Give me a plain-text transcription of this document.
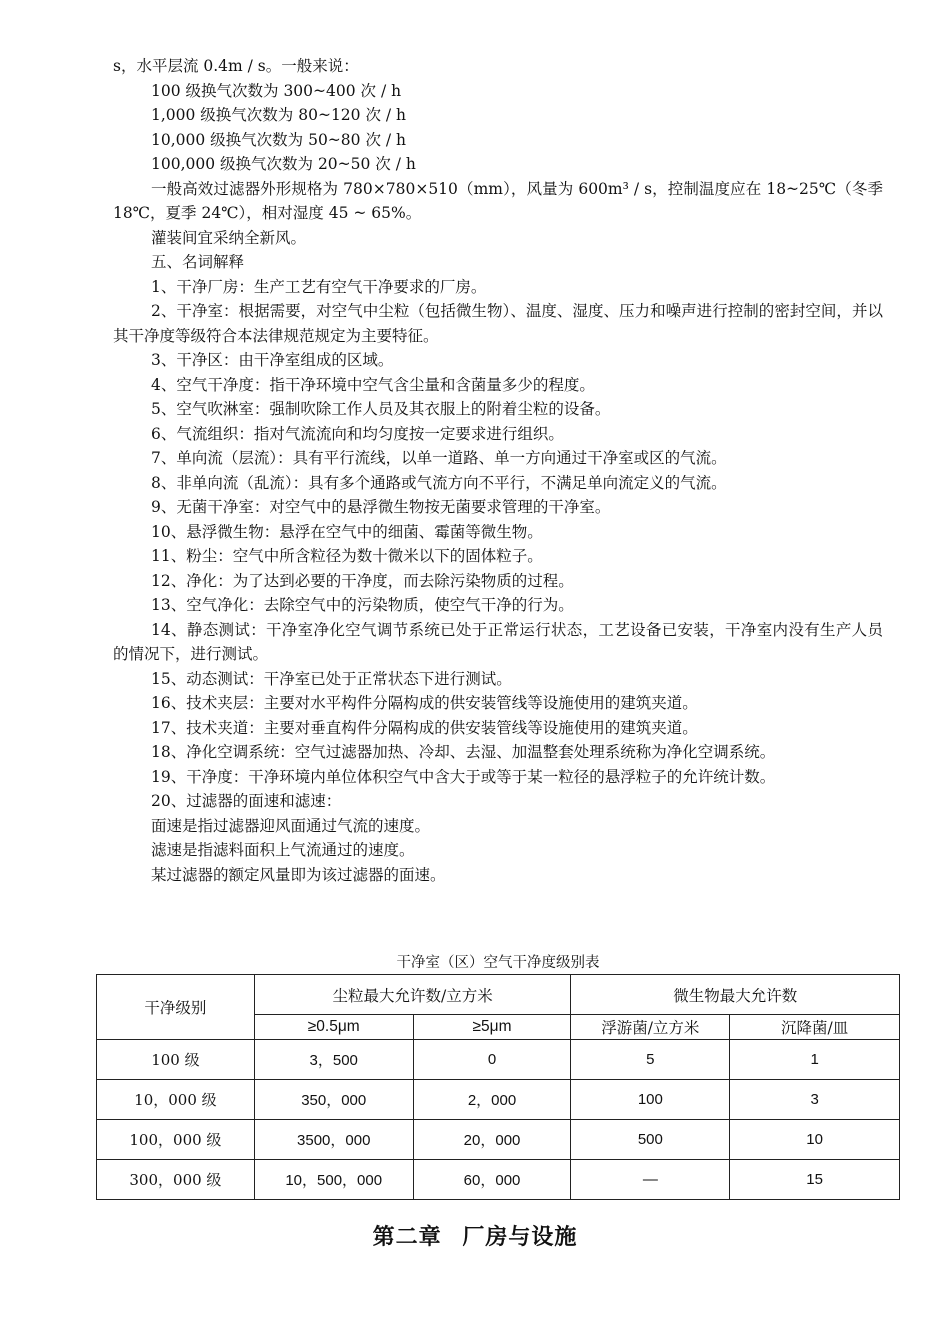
s，水平层流 0.4m / s。一般来说：
100 级换气次数为 300~400 次 / h
1,000 级换气次数为 80~120 次 / h
10,000 级换气次数为 50~80 次 / h
100,000 级换气次数为 20~50 次 / h
一般高效过滤器外形规格为 780×780×510（mm），风量为 600m³ / s，控制温度应在 18~25℃（冬季 18℃，夏季 24℃），相对湿度 45 ~ 65%。
灌装间宜采纳全新风。
五、名词解释
1、干净厂房：生产工艺有空气干净要求的厂房。
2、干净室：根据需要，对空气中尘粒（包括微生物）、温度、湿度、压力和噪声进行控制的密封空间，并以其干净度等级符合本法律规范规定为主要特征。
3、干净区：由干净室组成的区域。
4、空气干净度：指干净环境中空气含尘量和含菌量多少的程度。
5、空气吹淋室：强制吹除工作人员及其衣服上的附着尘粒的设备。
6、气流组织：指对气流流向和均匀度按一定要求进行组织。
7、单向流（层流）：具有平行流线，以单一道路、单一方向通过干净室或区的气流。
8、非单向流（乱流）：具有多个通路或气流方向不平行，不满足单向流定义的气流。
9、无菌干净室：对空气中的悬浮微生物按无菌要求管理的干净室。
10、悬浮微生物：悬浮在空气中的细菌、霉菌等微生物。
11、粉尘：空气中所含粒径为数十微米以下的固体粒子。
12、净化：为了达到必要的干净度，而去除污染物质的过程。
13、空气净化：去除空气中的污染物质，使空气干净的行为。
14、静态测试：干净室净化空气调节系统已处于正常运行状态，工艺设备已安装，干净室内没有生产人员的情况下，进行测试。
15、动态测试：干净室已处于正常状态下进行测试。
16、技术夹层：主要对水平构件分隔构成的供安装管线等设施使用的建筑夹道。
17、技术夹道：主要对垂直构件分隔构成的供安装管线等设施使用的建筑夹道。
18、净化空调系统：空气过滤器加热、冷却、去湿、加温整套处理系统称为净化空调系统。
19、干净度：干净环境内单位体积空气中含大于或等于某一粒径的悬浮粒子的允许统计数。
20、过滤器的面速和滤速：
面速是指过滤器迎风面通过气流的速度。
滤速是指滤料面积上气流通过的速度。
某过滤器的额定风量即为该过滤器的面速。
干净室（区）空气干净度级别表
干净级别	尘粒最大允许数/立方米		微生物最大允许数	
	≥0.5μm	≥5μm	浮游菌/立方米	沉降菌/皿
100 级	3，500	0	5	1
10，000 级	350，000	2，000	100	3
100，000 级	3500，000	20，000	500	10
300，000 级	10，500，000	60，000	—	15
第二章 厂房与设施
